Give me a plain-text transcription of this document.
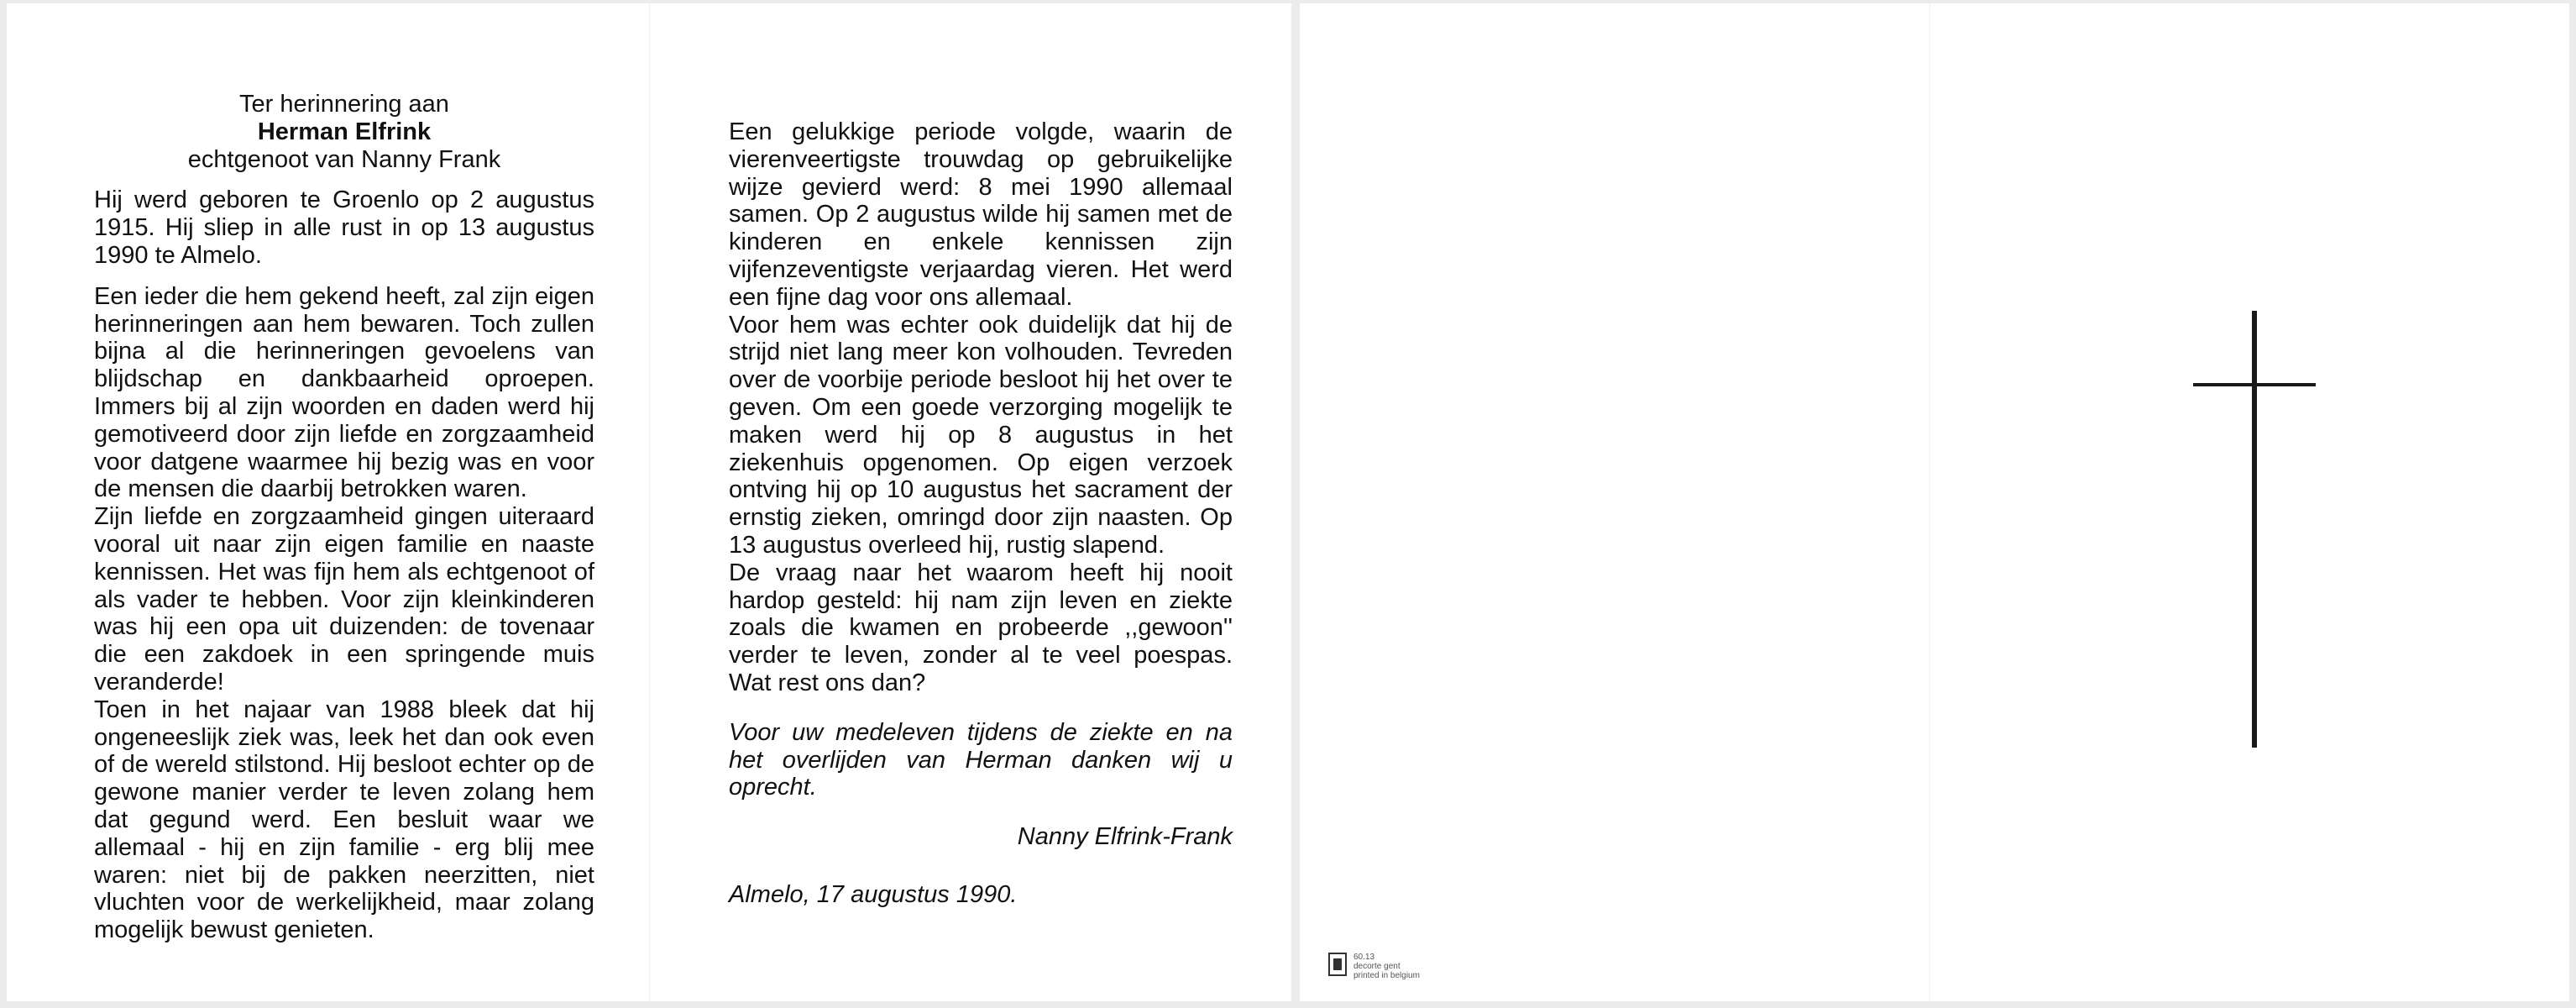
Ter herinnering aan

Herman Elfrink

echtgenoot van Nanny Frank

Hij werd geboren te Groenlo op 2 augustus 1915. Hij sliep in alle rust in op 13 augustus 1990 te Almelo.

Een ieder die hem gekend heeft, zal zijn eigen herinneringen aan hem bewaren. Toch zullen bijna al die herinneringen gevoelens van blijdschap en dankbaarheid oproepen. Immers bij al zijn woorden en daden werd hij gemotiveerd door zijn liefde en zorgzaamheid voor datgene waarmee hij bezig was en voor de mensen die daarbij betrokken waren.

Zijn liefde en zorgzaamheid gingen uiteraard vooral uit naar zijn eigen familie en naaste kennissen. Het was fijn hem als echtgenoot of als vader te hebben. Voor zijn kleinkinderen was hij een opa uit duizenden: de tovenaar die een zakdoek in een springende muis veranderde!

Toen in het najaar van 1988 bleek dat hij ongeneeslijk ziek was, leek het dan ook even of de wereld stilstond. Hij besloot echter op de gewone manier verder te leven zolang hem dat gegund werd. Een besluit waar we allemaal - hij en zijn familie - erg blij mee waren: niet bij de pakken neerzitten, niet vluchten voor de werkelijkheid, maar zolang mogelijk bewust genieten.

Een gelukkige periode volgde, waarin de vierenveertigste trouwdag op gebruikelijke wijze gevierd werd: 8 mei 1990 allemaal samen. Op 2 augustus wilde hij samen met de kinderen en enkele kennissen zijn vijfenzeventigste verjaardag vieren. Het werd een fijne dag voor ons allemaal.

Voor hem was echter ook duidelijk dat hij de strijd niet lang meer kon volhouden. Tevreden over de voorbije periode besloot hij het over te geven. Om een goede verzorging mogelijk te maken werd hij op 8 augustus in het ziekenhuis opgenomen. Op eigen verzoek ontving hij op 10 augustus het sacrament der ernstig zieken, omringd door zijn naasten. Op 13 augustus overleed hij, rustig slapend.

De vraag naar het waarom heeft hij nooit hardop gesteld: hij nam zijn leven en ziekte zoals die kwamen en probeerde ,,gewoon'' verder te leven, zonder al te veel poespas. Wat rest ons dan?

Voor uw medeleven tijdens de ziekte en na het overlijden van Herman danken wij u oprecht.

Nanny Elfrink-Frank

Almelo, 17 augustus 1990.

60.13
decorte gent
printed in belgium
